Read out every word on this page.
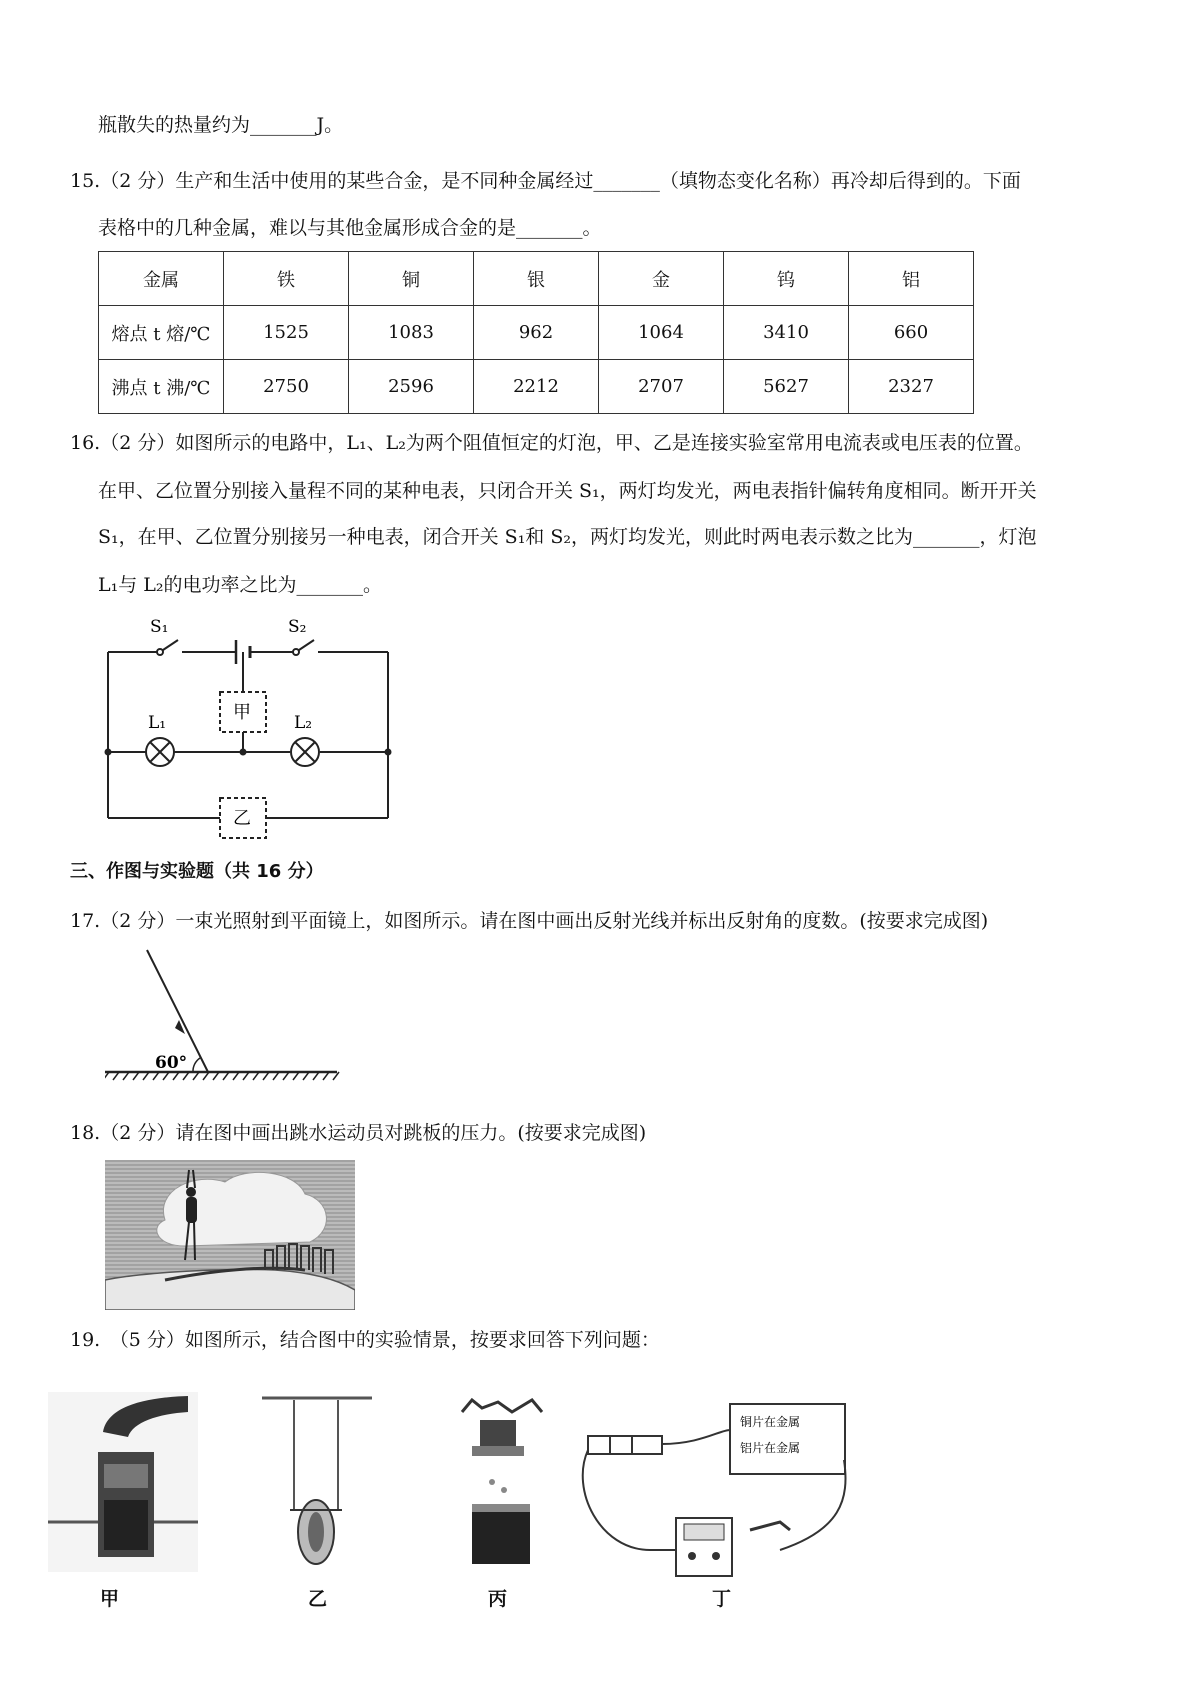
瓶散失的热量约为_______J。
15.（2 分）生产和生活中使用的某些合金，是不同种金属经过_______（填物态变化名称）再冷却后得到的。下面
表格中的几种金属，难以与其他金属形成合金的是_______。
金属	铁	铜	银	金	钨	铝
熔点 t 熔/℃	1525	1083	962	1064	3410	660
沸点 t 沸/℃	2750	2596	2212	2707	5627	2327
16.（2 分）如图所示的电路中，L₁、L₂为两个阻值恒定的灯泡，甲、乙是连接实验室常用电流表或电压表的位置。
在甲、乙位置分别接入量程不同的某种电表，只闭合开关 S₁，两灯均发光，两电表指针偏转角度相同。断开开关
S₁，在甲、乙位置分别接另一种电表，闭合开关 S₁和 S₂，两灯均发光，则此时两电表示数之比为_______，灯泡
L₁与 L₂的电功率之比为_______。
S₁	S₂
L₁	L₂
甲
乙
三、作图与实验题（共 16 分）
17.（2 分）一束光照射到平面镜上，如图所示。请在图中画出反射光线并标出反射角的度数。(按要求完成图)
60°
18.（2 分）请在图中画出跳水运动员对跳板的压力。(按要求完成图)
19.　（5 分）如图所示，结合图中的实验情景，按要求回答下列问题：
甲	乙	丙
铜片在金属
铝片在金属
丁
